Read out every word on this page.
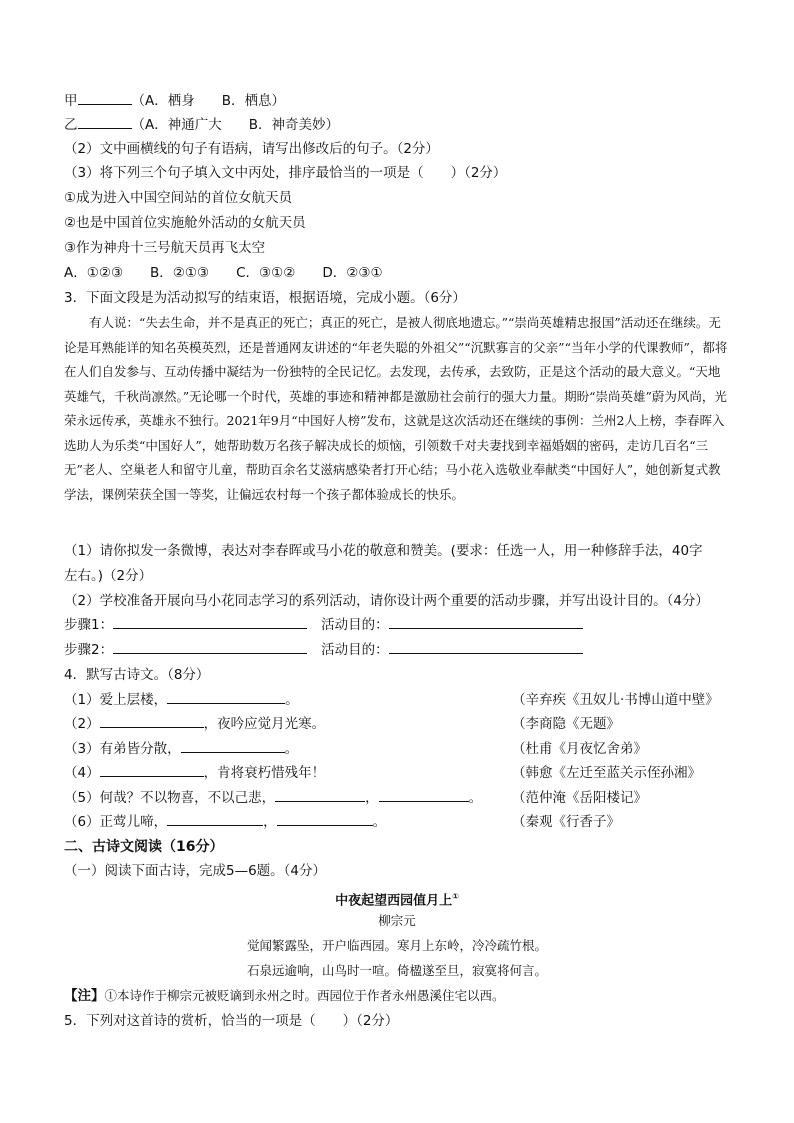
甲	（A．栖身　　B．栖息）
乙	（A．神通广大　　B．神奇美妙）
（2）文中画横线的句子有语病，请写出修改后的句子。（2分）
（3）将下列三个句子填入文中丙处，排序最恰当的一项是（　　）（2分）
①成为进入中国空间站的首位女航天员
②也是中国首位实施舱外活动的女航天员
③作为神舟十三号航天员再飞太空
A．①②③　　B．②①③　　C．③①②　　D．②③①
3．下面文段是为活动拟写的结束语，根据语境，完成小题。（6分）

有人说：“失去生命，并不是真正的死亡；真正的死亡，是被人彻底地遗忘。”“崇尚英雄精忠报国”活动还在继续。无论是耳熟能详的知名英模英烈，还是普通网友讲述的“年老失聪的外祖父”“沉默寡言的父亲”“当年小学的代课教师”，都将在人们自发参与、互动传播中凝结为一份独特的全民记忆。去发现，去传承，去致防，正是这个活动的最大意义。“天地英雄气，千秋尚凛然。”无论哪一个时代，英雄的事迹和精神都是激励社会前行的强大力量。期盼“崇尚英雄”蔚为风尚，光荣永远传承，英雄永不独行。2021年9月“中国好人榜”发布，这就是这次活动还在继续的事例：兰州2人上榜，李春晖入选助人为乐类“中国好人”，她帮助数万名孩子解决成长的烦恼，引领数千对夫妻找到幸福婚姻的密码，走访几百名“三无”老人、空巢老人和留守儿童，帮助百余名艾滋病感染者打开心结；马小花入选敬业奉献类“中国好人”，她创新复式教学法，课例荣获全国一等奖，让偏远农村每一个孩子都体验成长的快乐。

（1）请你拟发一条微博，表达对李春晖或马小花的敬意和赞美。(要求：任选一人，用一种修辞手法，40字
左右。)（2分）
（2）学校准备开展向马小花同志学习的系列活动，请你设计两个重要的活动步骤，并写出设计目的。（4分）
步骤1：	活动目的：
步骤2：	活动目的：
4．默写古诗文。（8分）
（1）爱上层楼，	。	（辛弃疾《丑奴儿·书博山道中壁》
（2）	，夜吟应觉月光寒。	（李商隐《无题》
（3）有弟皆分散，	。	（杜甫《月夜忆舍弟》
（4）	，肯将衰朽惜残年！	（韩愈《左迁至蓝关示侄孙湘》
（5）何哉？不以物喜，不以己悲，	，	。 （范仲淹《岳阳楼记》
（6）正莺儿啼，	，	。	（秦观《行香子》
二、古诗文阅读（16分）
（一）阅读下面古诗，完成5—6题。（4分）
中夜起望西园值月上①
柳宗元
觉闻繁露坠，开户临西园。寒月上东岭，冷冷疏竹根。
石泉远逾响，山鸟时一喧。倚楹遂至旦，寂寞将何言。
【注】①本诗作于柳宗元被贬谪到永州之时。西园位于作者永州愚溪住宅以西。
5．下列对这首诗的赏析，恰当的一项是（　　）（2分）
